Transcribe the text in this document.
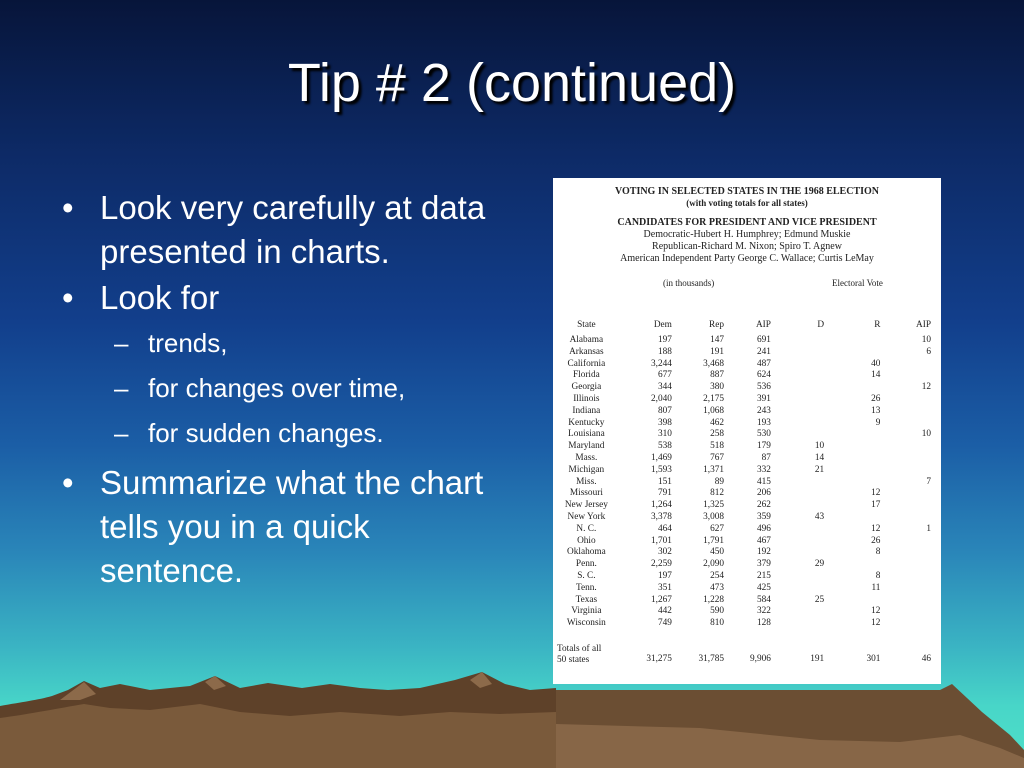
Tip # 2 (continued)
• Look very carefully at data presented in charts.
• Look for
– trends,
– for changes over time,
– for sudden changes.
• Summarize what the chart tells you in a quick sentence.
VOTING IN SELECTED STATES IN THE 1968 ELECTION
(with voting totals for all states)
CANDIDATES FOR PRESIDENT AND VICE PRESIDENT
Democratic-Hubert H. Humphrey; Edmund Muskie
Republican-Richard M. Nixon; Spiro T. Agnew
American Independent Party George C. Wallace; Curtis LeMay
(in thousands)	Electoral Vote
State	Dem	Rep	AIP	D	R	AIP
Alabama	197	147	691			10
Arkansas	188	191	241			6
California	3,244	3,468	487		40	
Florida	677	887	624		14	
Georgia	344	380	536			12
Illinois	2,040	2,175	391		26	
Indiana	807	1,068	243		13	
Kentucky	398	462	193		9	
Louisiana	310	258	530			10
Maryland	538	518	179	10		
Mass.	1,469	767	87	14		
Michigan	1,593	1,371	332	21		
Miss.	151	89	415			7
Missouri	791	812	206		12	
New Jersey	1,264	1,325	262		17	
New York	3,378	3,008	359	43		
N. C.	464	627	496		12	1
Ohio	1,701	1,791	467		26	
Oklahoma	302	450	192		8	
Penn.	2,259	2,090	379	29		
S. C.	197	254	215		8	
Tenn.	351	473	425		11	
Texas	1,267	1,228	584	25		
Virginia	442	590	322		12	
Wisconsin	749	810	128		12	

Totals of all
50 states	31,275	31,785	9,906	191	301	46
